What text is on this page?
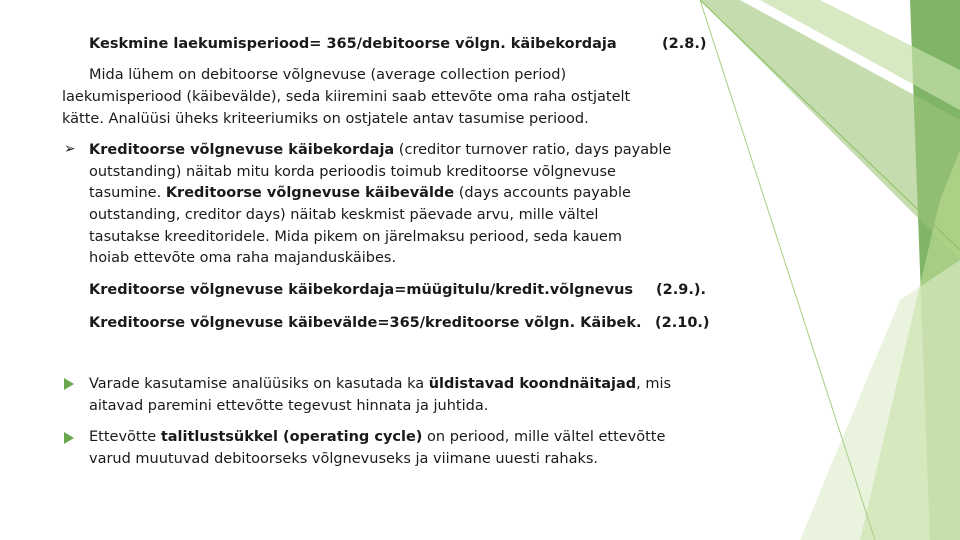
Keskmine laekumisperiood= 365/debitoorse võlgn. käibekordaja	(2.8.)
Mida lühem on debitoorse võlgnevuse (average collection period)
laekumisperiood (käibevälde), seda kiiremini saab ettevõte oma raha ostjatelt
kätte. Analüüsi üheks kriteeriumiks on ostjatele antav tasumise periood.
➢ Kreditoorse võlgnevuse käibekordaja (creditor turnover ratio, days payable
outstanding) näitab mitu korda perioodis toimub kreditoorse võlgnevuse
tasumine. Kreditoorse võlgnevuse käibevälde (days accounts payable
outstanding, creditor days) näitab keskmist päevade arvu, mille vältel
tasutakse kreeditoridele. Mida pikem on järelmaksu periood, seda kauem
hoiab ettevõte oma raha majanduskäibes.
Kreditoorse võlgnevuse käibekordaja=müügitulu/kredit.võlgnevus (2.9.).
Kreditoorse võlgnevuse käibevälde=365/kreditoorse võlgn. Käibek. (2.10.)
Varade kasutamise analüüsiks on kasutada ka üldistavad koondnäitajad, mis
aitavad paremini ettevõtte tegevust hinnata ja juhtida.
Ettevõtte talitlustsükkel (operating cycle) on periood, mille vältel ettevõtte
varud muutuvad debitoorseks võlgnevuseks ja viimane uuesti rahaks.
